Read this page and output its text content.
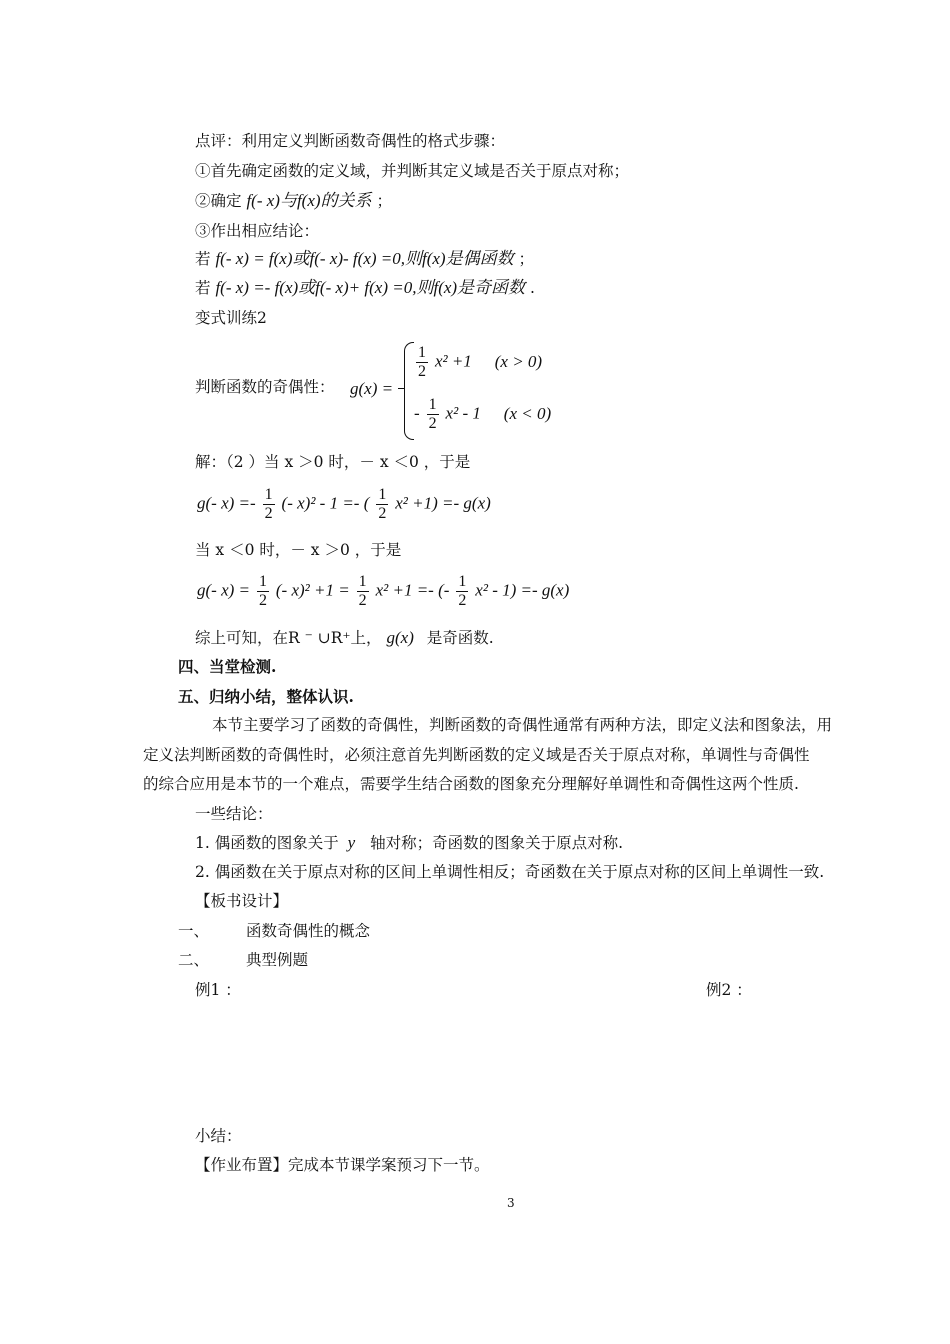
点评：利用定义判断函数奇偶性的格式步骤：
①首先确定函数的定义域，并判断其定义域是否关于原点对称；
②确定 f(- x)与f(x)的关系 ；
③作出相应结论：
若 f(- x) = f(x)或f(- x)- f(x) =0,则f(x)是偶函数 ；
若 f(- x) =- f(x)或f(- x)+ f(x) =0,则f(x)是奇函数 .
变式训练2
判断函数的奇偶性： g(x) =
$\frac{1}{2} x^2 +1$ (x > 0)
- $\frac{1}{2} x^2 - 1$ (x < 0)
解：（2 ）当 x ＞0 时，－ x ＜0 ，于是
g(- $x) =- \frac{1}{2}$ (- x)² - 1 =- ( $\frac{1}{2} x^2 +1) =- g(x)$
当 x ＜0 时，－ x ＞0 ，于是
g(- $x) = \frac{1}{2}$ (- $x)^2 +1 = \frac{1}{2} x^2 +1$ =- (- $\frac{1}{2} x^2 - 1) =- g(x)$
综上可知，在R ⁻ ∪R⁺上， g(x) 是奇函数.
四、当堂检测.
五、归纳小结，整体认识.
本节主要学习了函数的奇偶性，判断函数的奇偶性通常有两种方法，即定义法和图象法，用
定义法判断函数的奇偶性时，必须注意首先判断函数的定义域是否关于原点对称，单调性与奇偶性
的综合应用是本节的一个难点，需要学生结合函数的图象充分理解好单调性和奇偶性这两个性质.
一些结论：
1. 偶函数的图象关于 y 轴对称；奇函数的图象关于原点对称.
2. 偶函数在关于原点对称的区间上单调性相反；奇函数在关于原点对称的区间上单调性一致.
【板书设计】
一、 函数奇偶性的概念
二、 典型例题
例1 ：	例2 ：
小结：
【作业布置】完成本节课学案预习下一节。
3
